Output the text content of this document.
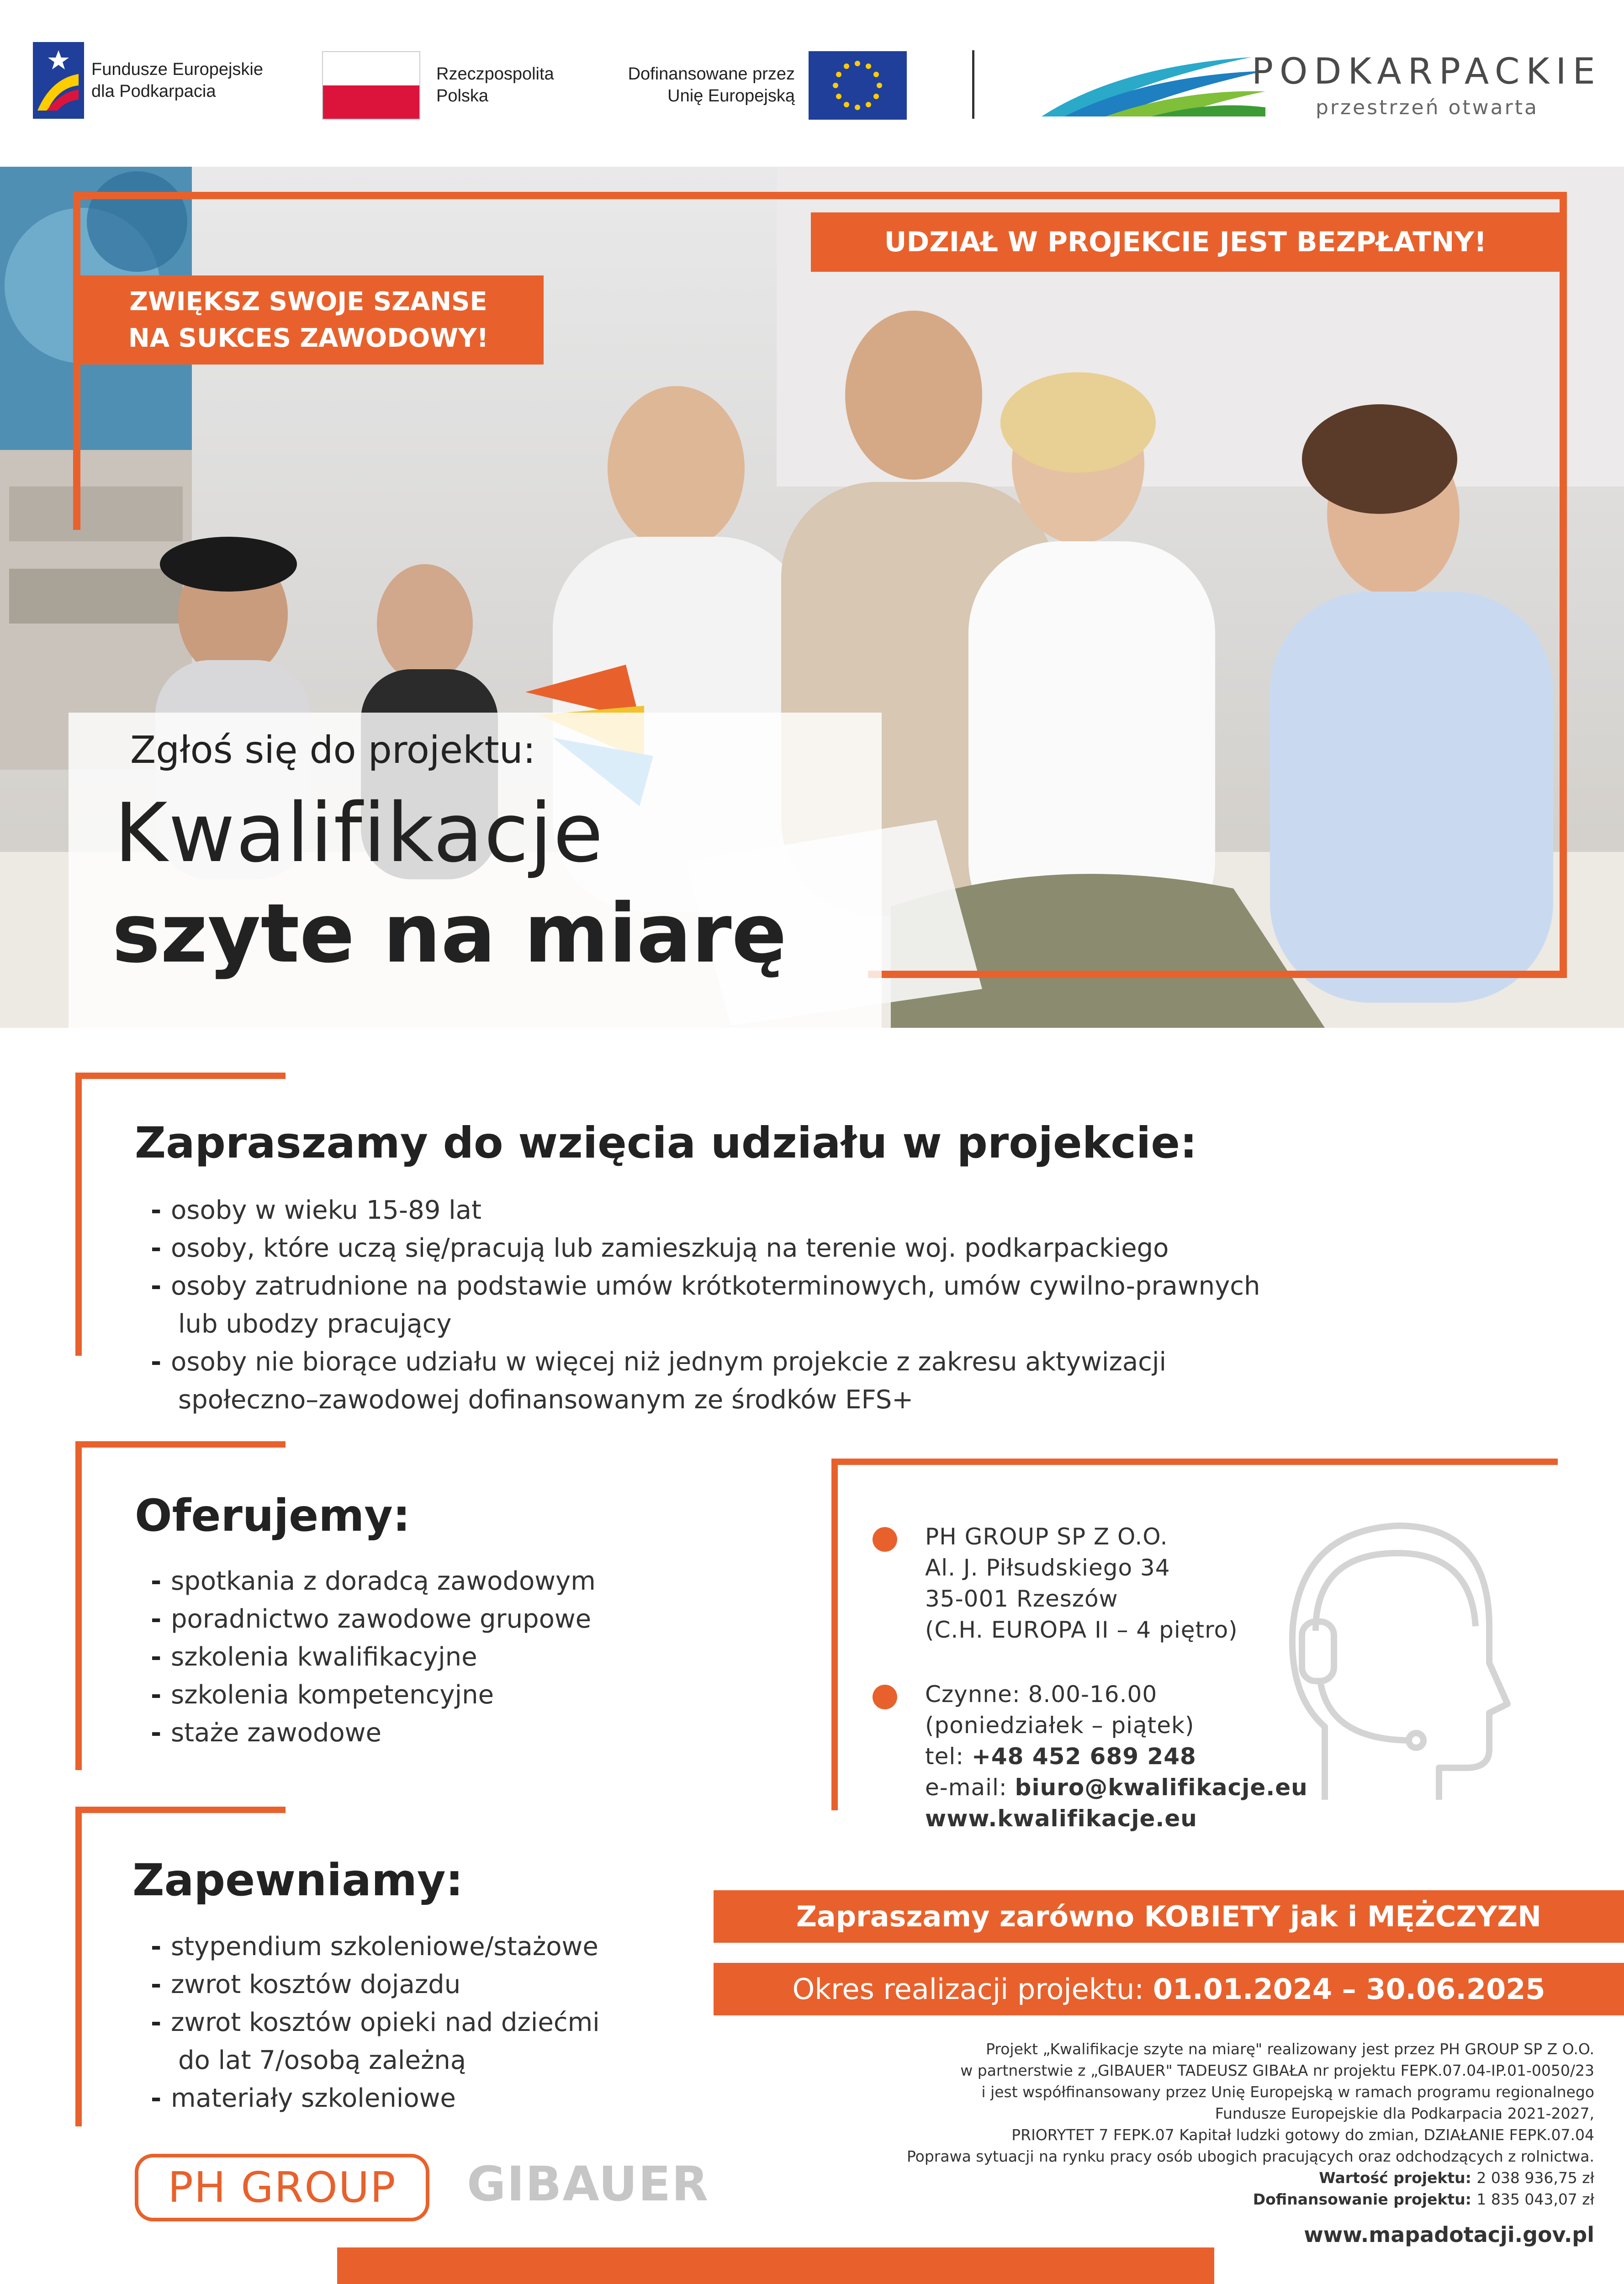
Fundusze Europejskie
dla Podkarpacia
Rzeczpospolita
Polska
Dofinansowane przez
Unię Europejską
PODKARPACKIE
przestrzeń otwarta
UDZIAŁ W PROJEKCIE JEST BEZPŁATNY!
ZWIĘKSZ SWOJE SZANSE
NA SUKCES ZAWODOWY!
Zgłoś się do projektu:
Kwalifikacje
szyte na miarę
Zapraszamy do wzięcia udziału w projekcie:
- osoby w wieku 15-89 lat
- osoby, które uczą się/pracują lub zamieszkują na terenie woj. podkarpackiego
- osoby zatrudnione na podstawie umów krótkoterminowych, umów cywilno-prawnych
lub ubodzy pracujący
- osoby nie biorące udziału w więcej niż jednym projekcie z zakresu aktywizacji
społeczno–zawodowej dofinansowanym ze środków EFS+
Oferujemy:
- spotkania z doradcą zawodowym
- poradnictwo zawodowe grupowe
- szkolenia kwalifikacyjne
- szkolenia kompetencyjne
- staże zawodowe
Zapewniamy:
- stypendium szkoleniowe/stażowe
- zwrot kosztów dojazdu
- zwrot kosztów opieki nad dziećmi
do lat 7/osobą zależną
- materiały szkoleniowe
PH GROUP SP Z O.O.
Al. J. Piłsudskiego 34
35-001 Rzeszów
(C.H. EUROPA II – 4 piętro)
Czynne: 8.00-16.00
(poniedziałek – piątek)
tel: +48 452 689 248
e-mail: biuro@kwalifikacje.eu
www.kwalifikacje.eu
Zapraszamy zarówno KOBIETY jak i MĘŻCZYZN
Okres realizacji projektu: 01.01.2024 – 30.06.2025
Projekt „Kwalifikacje szyte na miarę" realizowany jest przez PH GROUP SP Z O.O.
w partnerstwie z „GIBAUER" TADEUSZ GIBAŁA nr projektu FEPK.07.04-IP.01-0050/23
i jest współfinansowany przez Unię Europejską w ramach programu regionalnego
Fundusze Europejskie dla Podkarpacia 2021-2027,
PRIORYTET 7 FEPK.07 Kapitał ludzki gotowy do zmian, DZIAŁANIE FEPK.07.04
Poprawa sytuacji na rynku pracy osób ubogich pracujących oraz odchodzących z rolnictwa.
Wartość projektu: 2 038 936,75 zł
Dofinansowanie projektu: 1 835 043,07 zł
www.mapadotacji.gov.pl
PH GROUP	GIBAUER
